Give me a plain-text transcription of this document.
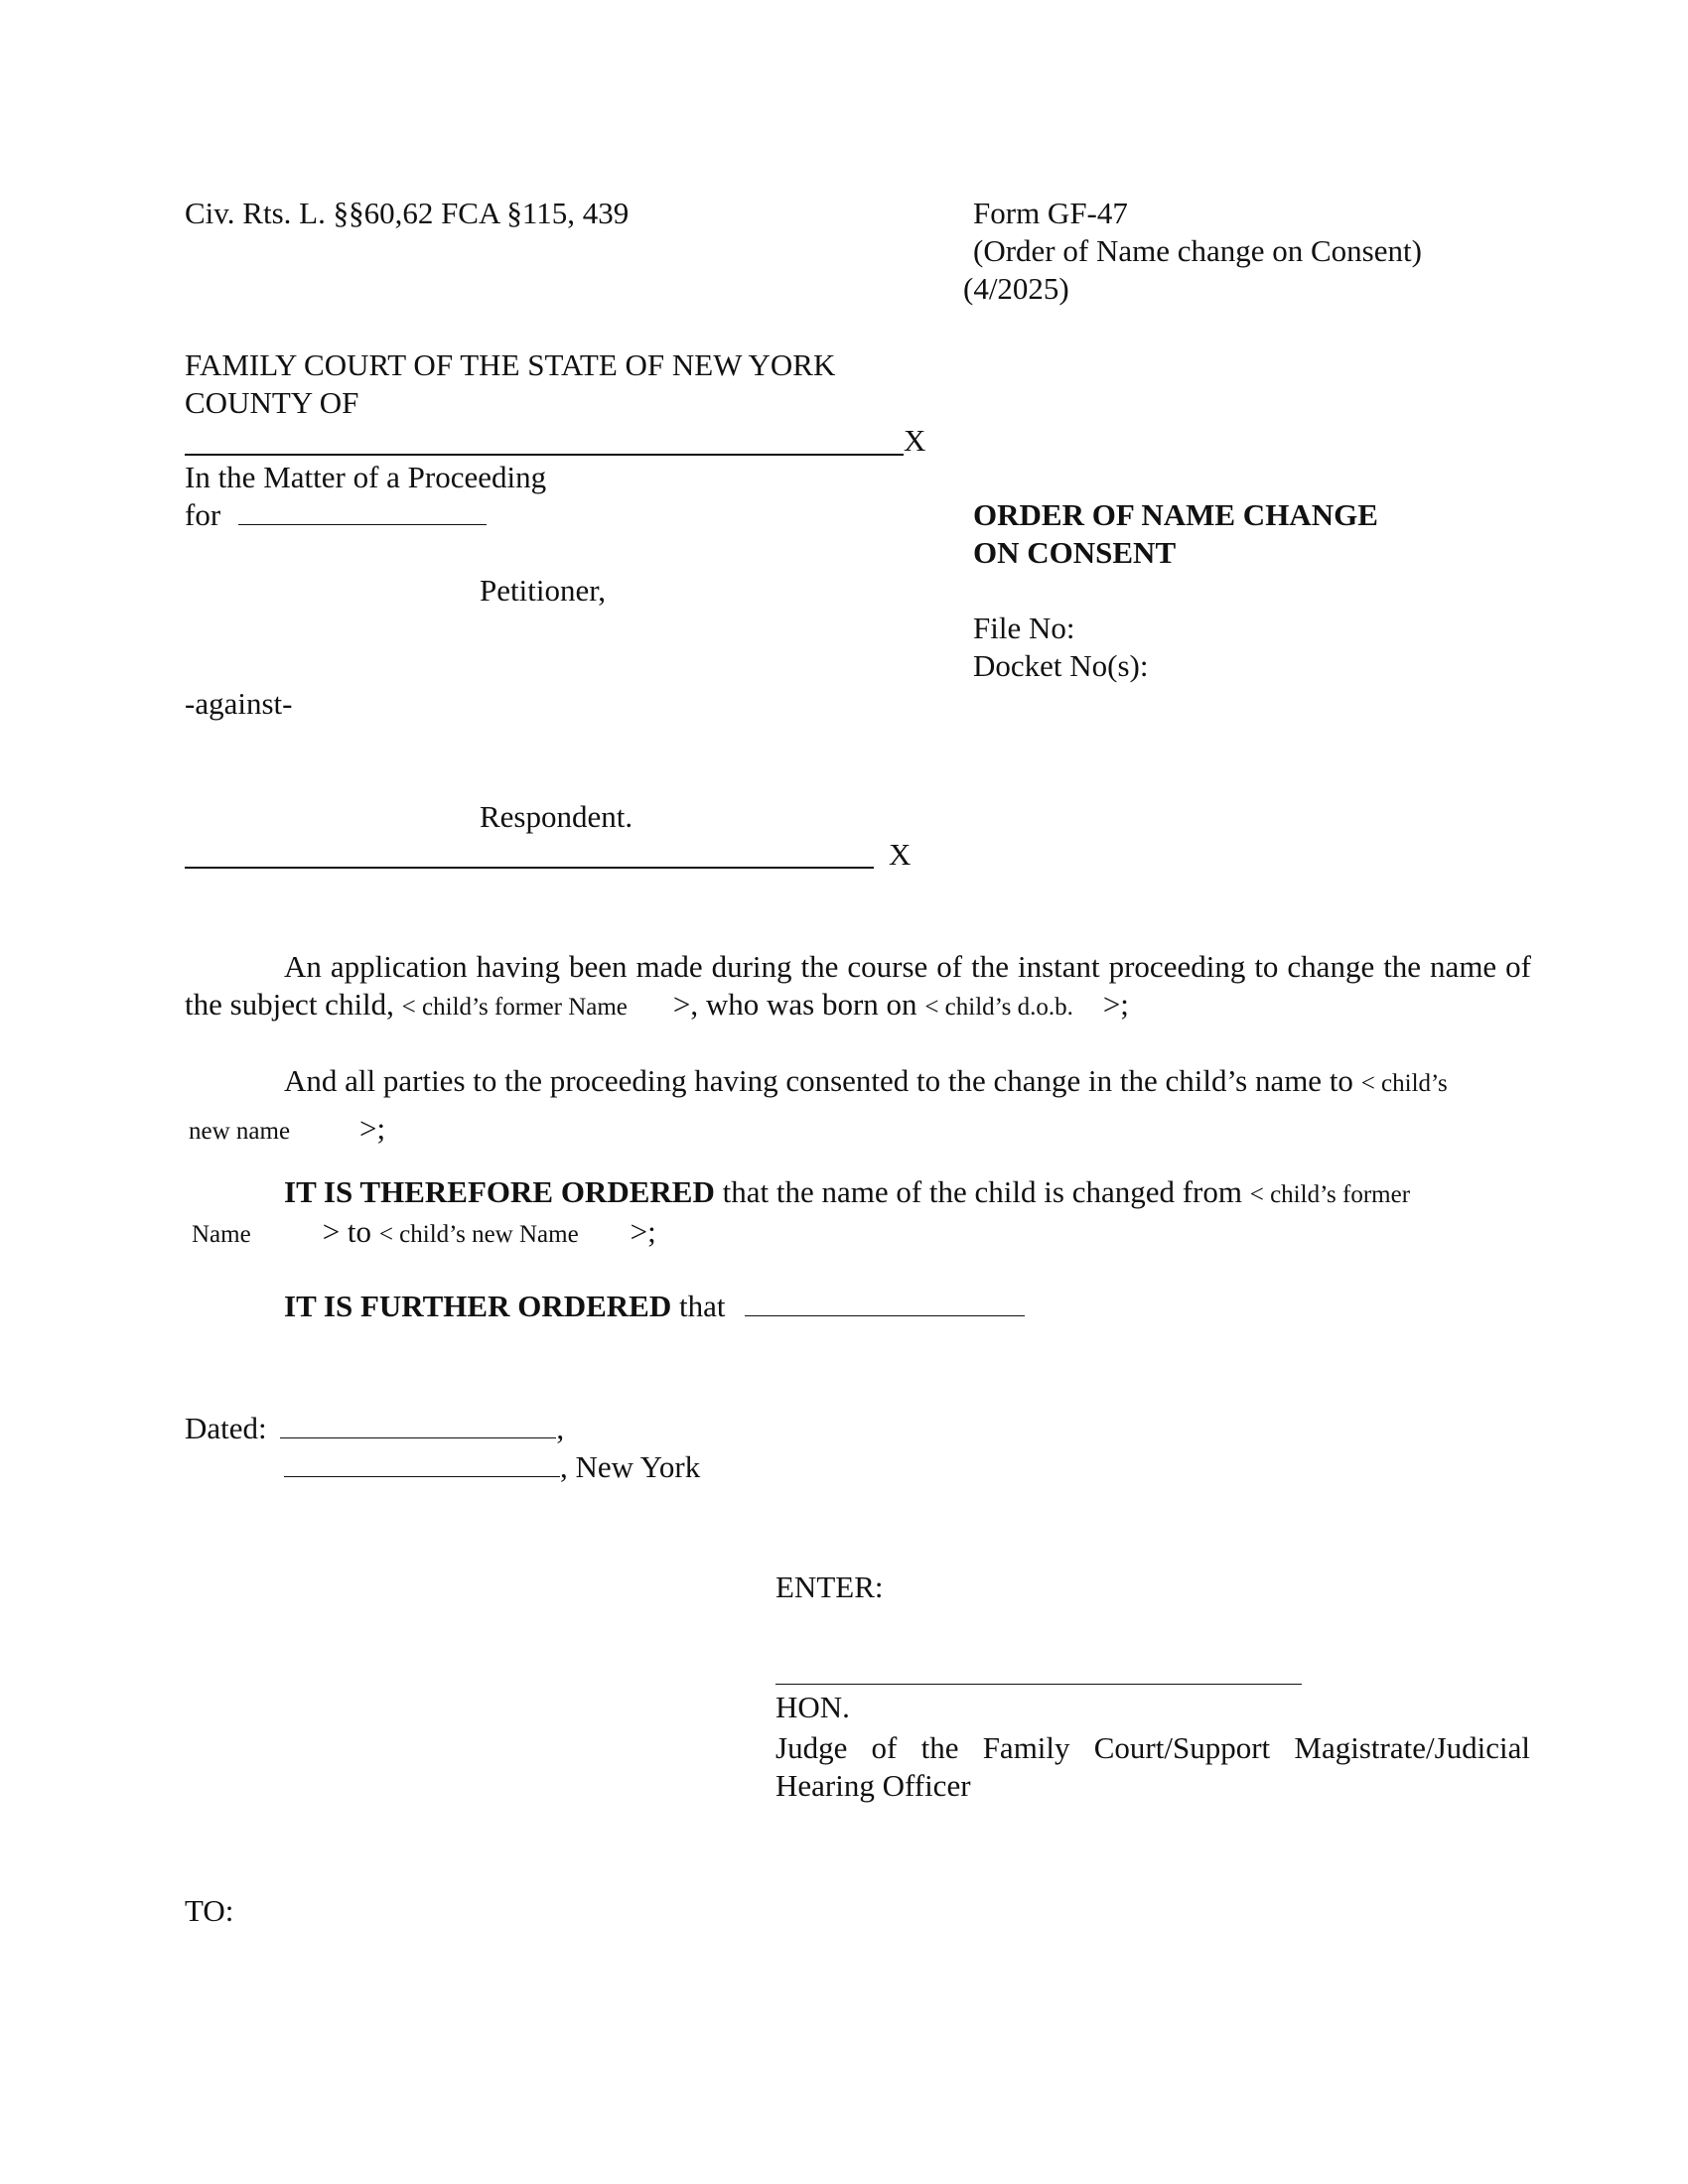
Civ. Rts. L. §§60,62 FCA §115, 439	Form GF-47
(Order of Name change on Consent)
(4/2025)
FAMILY COURT OF THE STATE OF NEW YORK
COUNTY OF
X
In the Matter of a Proceeding
for
Petitioner,
-against-
Respondent.
X
ORDER OF NAME CHANGE
ON CONSENT
File No:
Docket No(s):
An application having been made during the course of the instant proceeding to change the name of the subject child, < child’s former Name >, who was born on < child’s d.o.b. >;
And all parties to the proceeding having consented to the change in the child’s name to < child’s
new name >;
IT IS THEREFORE ORDERED that the name of the child is changed from < child’s former
Name > to < child’s new Name >;
IT IS FURTHER ORDERED that
Dated:	,
, New York
ENTER:
HON.
Judge of the Family Court/Support Magistrate/Judicial
Hearing Officer
TO:
